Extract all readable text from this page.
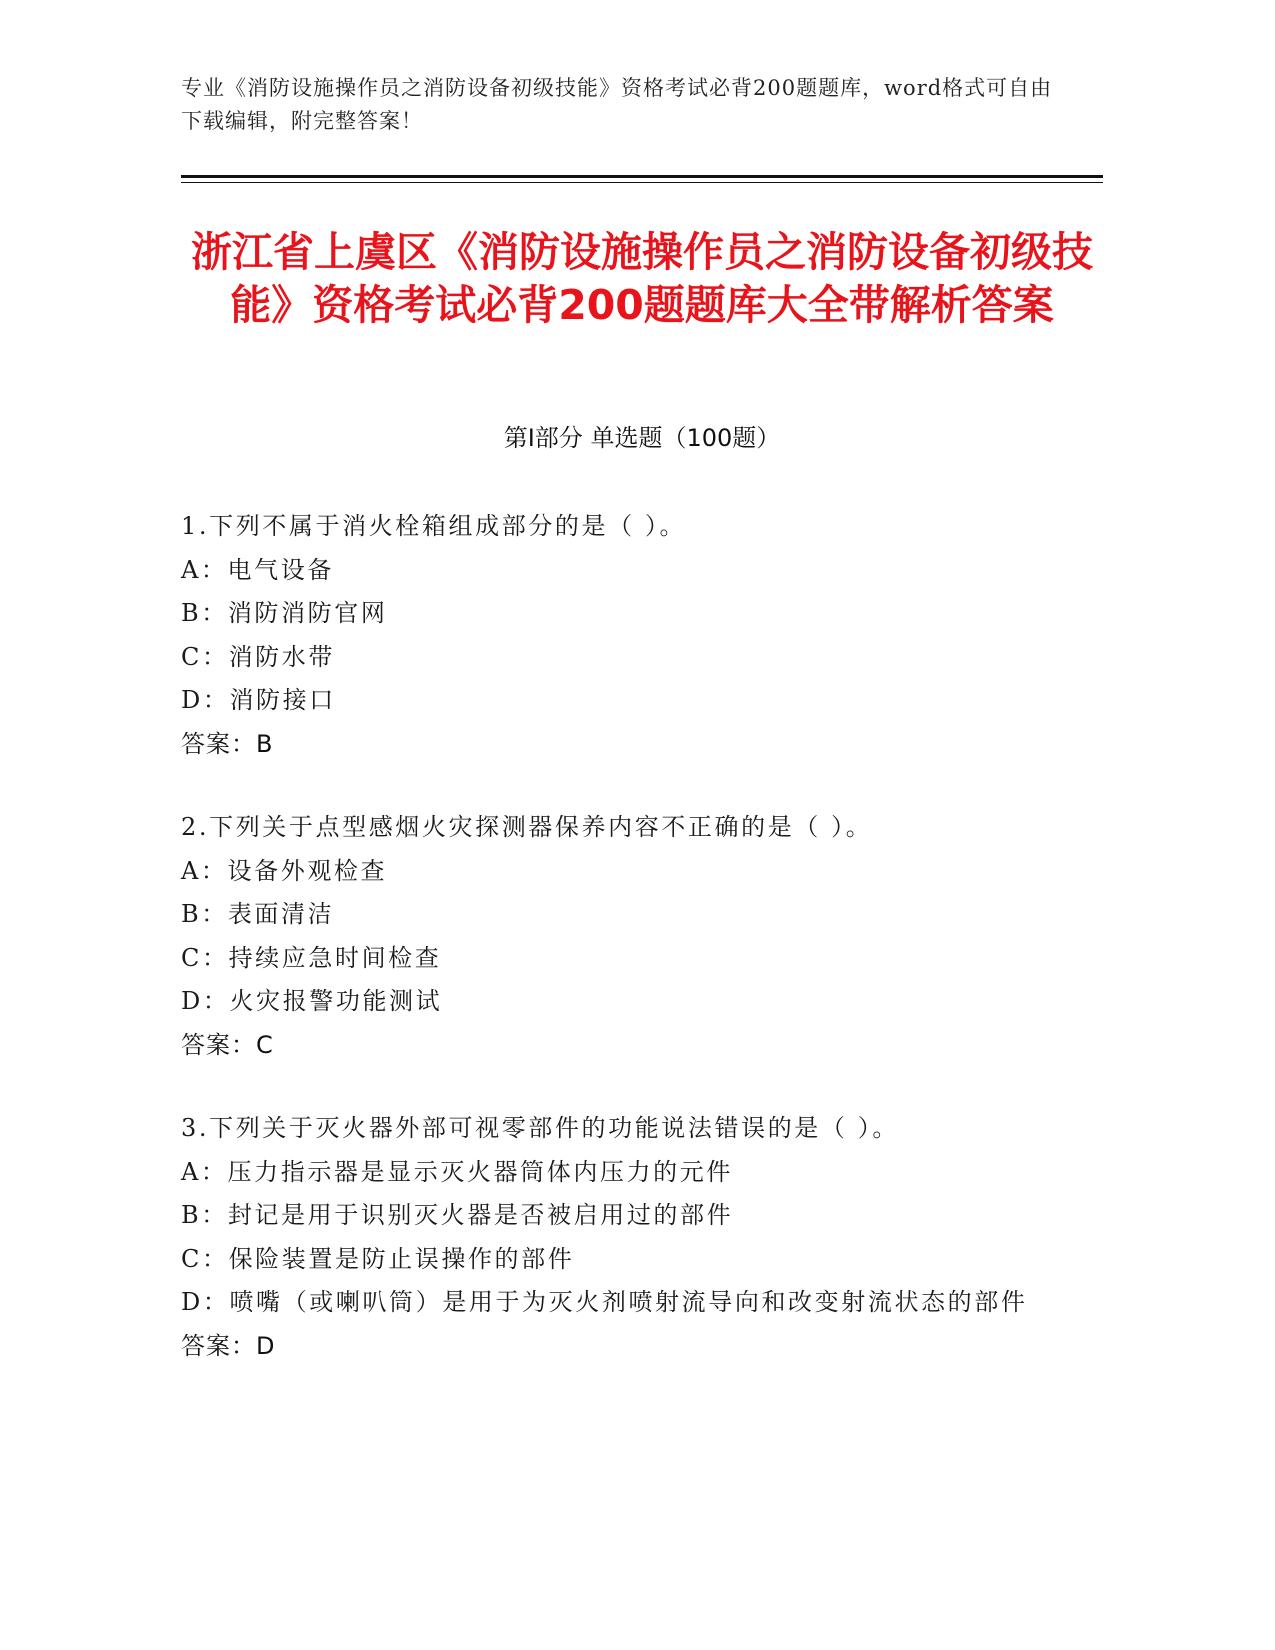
专业《消防设施操作员之消防设备初级技能》资格考试必背200题题库，word格式可自由下载编辑，附完整答案！
浙江省上虞区《消防设施操作员之消防设备初级技能》资格考试必背200题题库大全带解析答案
第Ⅰ部分 单选题（100题）
1.下列不属于消火栓箱组成部分的是（ ）。
A：电气设备
B：消防消防官网
C：消防水带
D：消防接口
答案：B
2.下列关于点型感烟火灾探测器保养内容不正确的是（ ）。
A：设备外观检查
B：表面清洁
C：持续应急时间检查
D：火灾报警功能测试
答案：C
3.下列关于灭火器外部可视零部件的功能说法错误的是（ ）。
A：压力指示器是显示灭火器筒体内压力的元件
B：封记是用于识别灭火器是否被启用过的部件
C：保险装置是防止误操作的部件
D：喷嘴（或喇叭筒）是用于为灭火剂喷射流导向和改变射流状态的部件
答案：D
